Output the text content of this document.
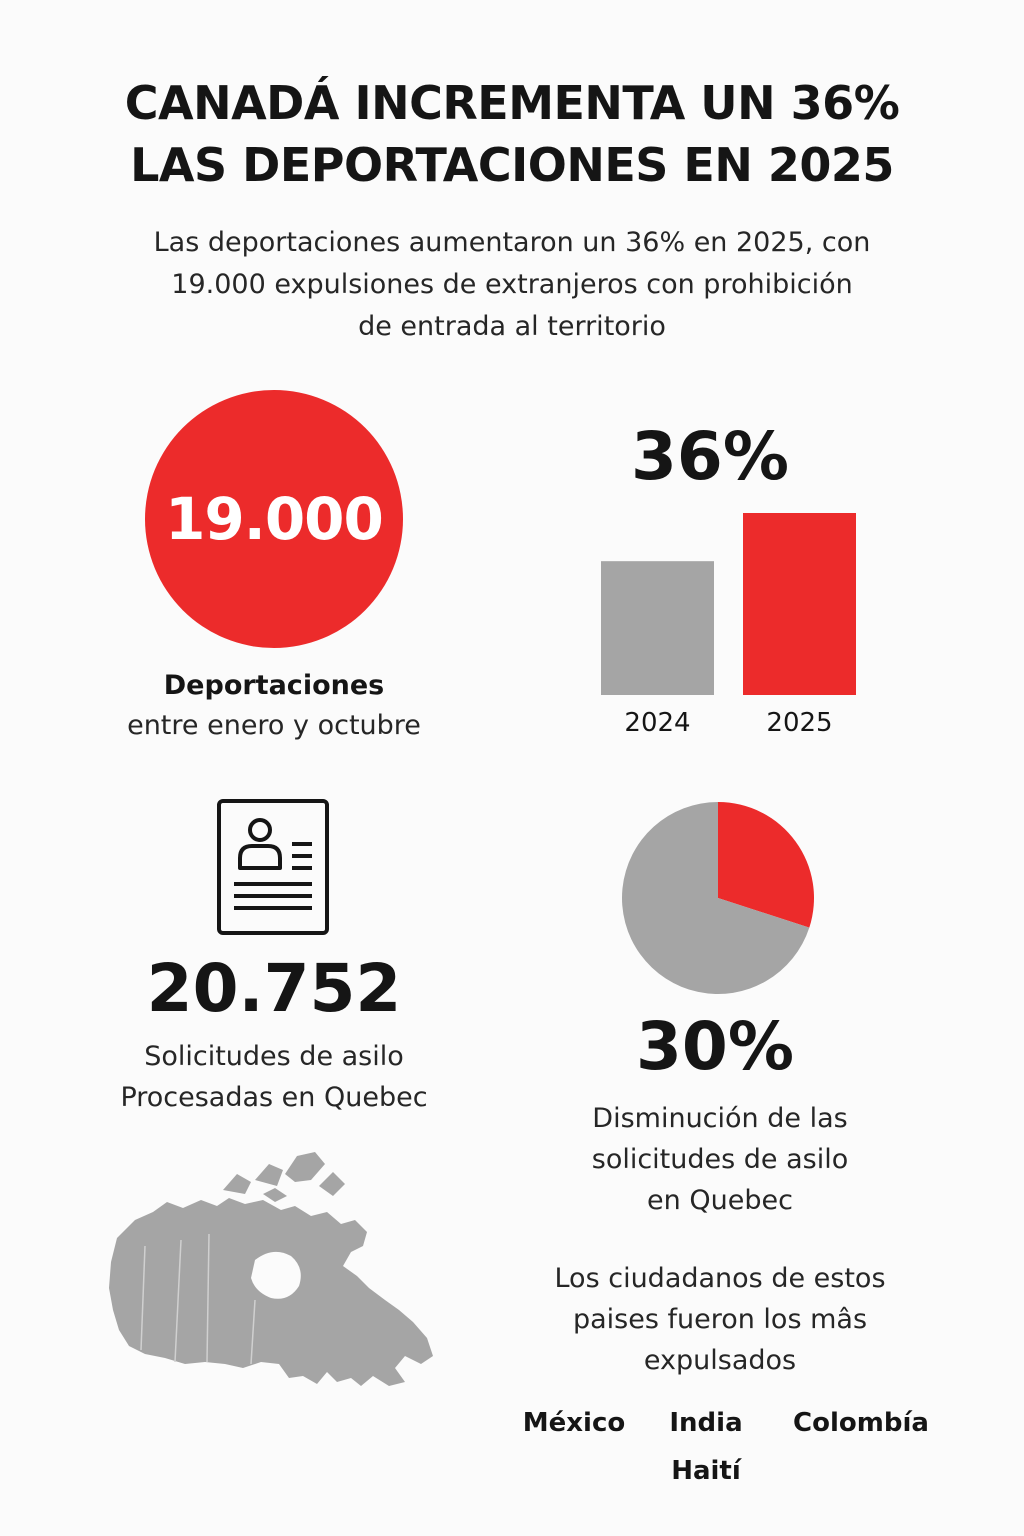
CANADÁ INCREMENTA UN 36%
LAS DEPORTACIONES EN 2025
Las deportaciones aumentaron un 36% en 2025, con
19.000 expulsiones de extranjeros con prohibición
de entrada al territorio
19.000
Deportaciones
entre enero y octubre
36%
2024	2025
20.752
Solicitudes de asilo
Procesadas en Quebec
30%
Disminución de las
solicitudes de asilo
en Quebec
Los ciudadanos de estos
paises fueron los mâs
expulsados
México	India	Colombía
Haití
